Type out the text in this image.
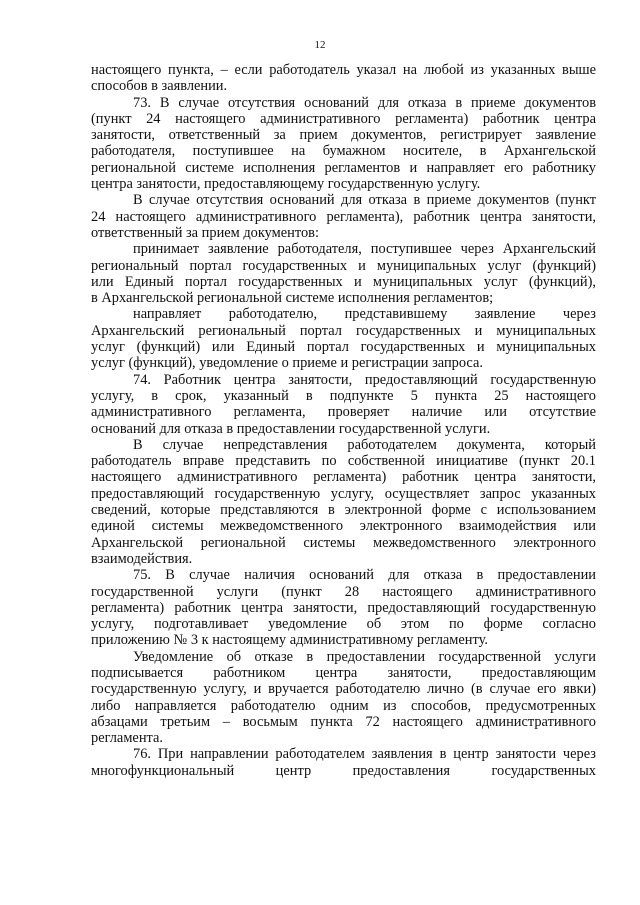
12
настоящего пункта, – если работодатель указал на любой из указанных выше
способов в заявлении.
73. В случае отсутствия оснований для отказа в приеме документов
(пункт 24 настоящего административного регламента) работник центра
занятости, ответственный за прием документов, регистрирует заявление
работодателя, поступившее на бумажном носителе, в Архангельской
региональной системе исполнения регламентов и направляет его работнику
центра занятости, предоставляющему государственную услугу.
В случае отсутствия оснований для отказа в приеме документов (пункт
24 настоящего административного регламента), работник центра занятости,
ответственный за прием документов:
принимает заявление работодателя, поступившее через Архангельский
региональный портал государственных и муниципальных услуг (функций)
или Единый портал государственных и муниципальных услуг (функций),
в Архангельской региональной системе исполнения регламентов;
направляет работодателю, представившему заявление через
Архангельский региональный портал государственных и муниципальных
услуг (функций) или Единый портал государственных и муниципальных
услуг (функций), уведомление о приеме и регистрации запроса.
74. Работник центра занятости, предоставляющий государственную
услугу, в срок, указанный в подпункте 5 пункта 25 настоящего
административного регламента, проверяет наличие или отсутствие
оснований для отказа в предоставлении государственной услуги.
В случае непредставления работодателем документа, который
работодатель вправе представить по собственной инициативе (пункт 20.1
настоящего административного регламента) работник центра занятости,
предоставляющий государственную услугу, осуществляет запрос указанных
сведений, которые представляются в электронной форме с использованием
единой системы межведомственного электронного взаимодействия или
Архангельской региональной системы межведомственного электронного
взаимодействия.
75. В случае наличия оснований для отказа в предоставлении
государственной услуги (пункт 28 настоящего административного
регламента) работник центра занятости, предоставляющий государственную
услугу, подготавливает уведомление об этом по форме согласно
приложению № 3 к настоящему административному регламенту.
Уведомление об отказе в предоставлении государственной услуги
подписывается работником центра занятости, предоставляющим
государственную услугу, и вручается работодателю лично (в случае его явки)
либо направляется работодателю одним из способов, предусмотренных
абзацами третьим – восьмым пункта 72 настоящего административного
регламента.
76. При направлении работодателем заявления в центр занятости через
многофункциональный центр предоставления государственных
